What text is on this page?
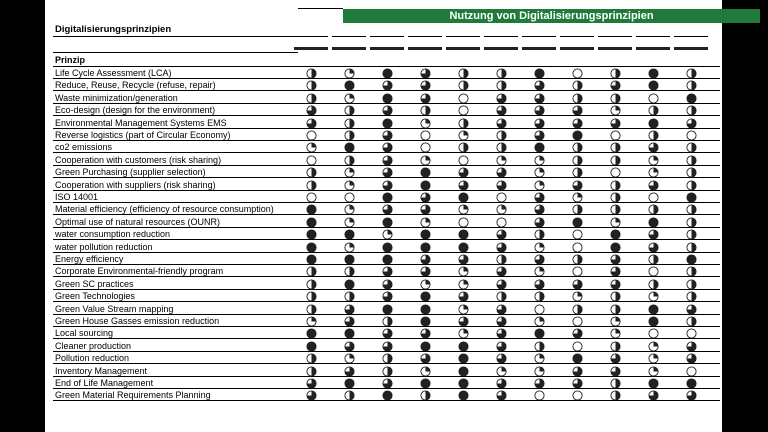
Nutzung von Digitalisierungsprinzipien
Digitalisierungsprinzipien
Prinzip
Life Cycle Assessment (LCA)
Reduce, Reuse, Recycle (refuse, repair)
Waste minimization/generation
Eco-design (design for the environment)
Environmental Management Systems EMS
Reverse logistics (part of Circular Economy)
co2 emissions
Cooperation with customers (risk sharing)
Green Purchasing (supplier selection)
Cooperation with suppliers (risk sharing)
ISO 14001
Material efficiency (efficiency of resource consumption)
Optimal use of natural resources (OUNR)
water consumption reduction
water pollution reduction
Energy efficiency
Corporate Environmental-friendly program
Green SC practices
Green Technologies
Green Value Stream mapping
Green House Gasses emission reduction
Local sourcing
Cleaner production
Pollution reduction
Inventory Management
End of Life Management
Green Material Requirements Planning
